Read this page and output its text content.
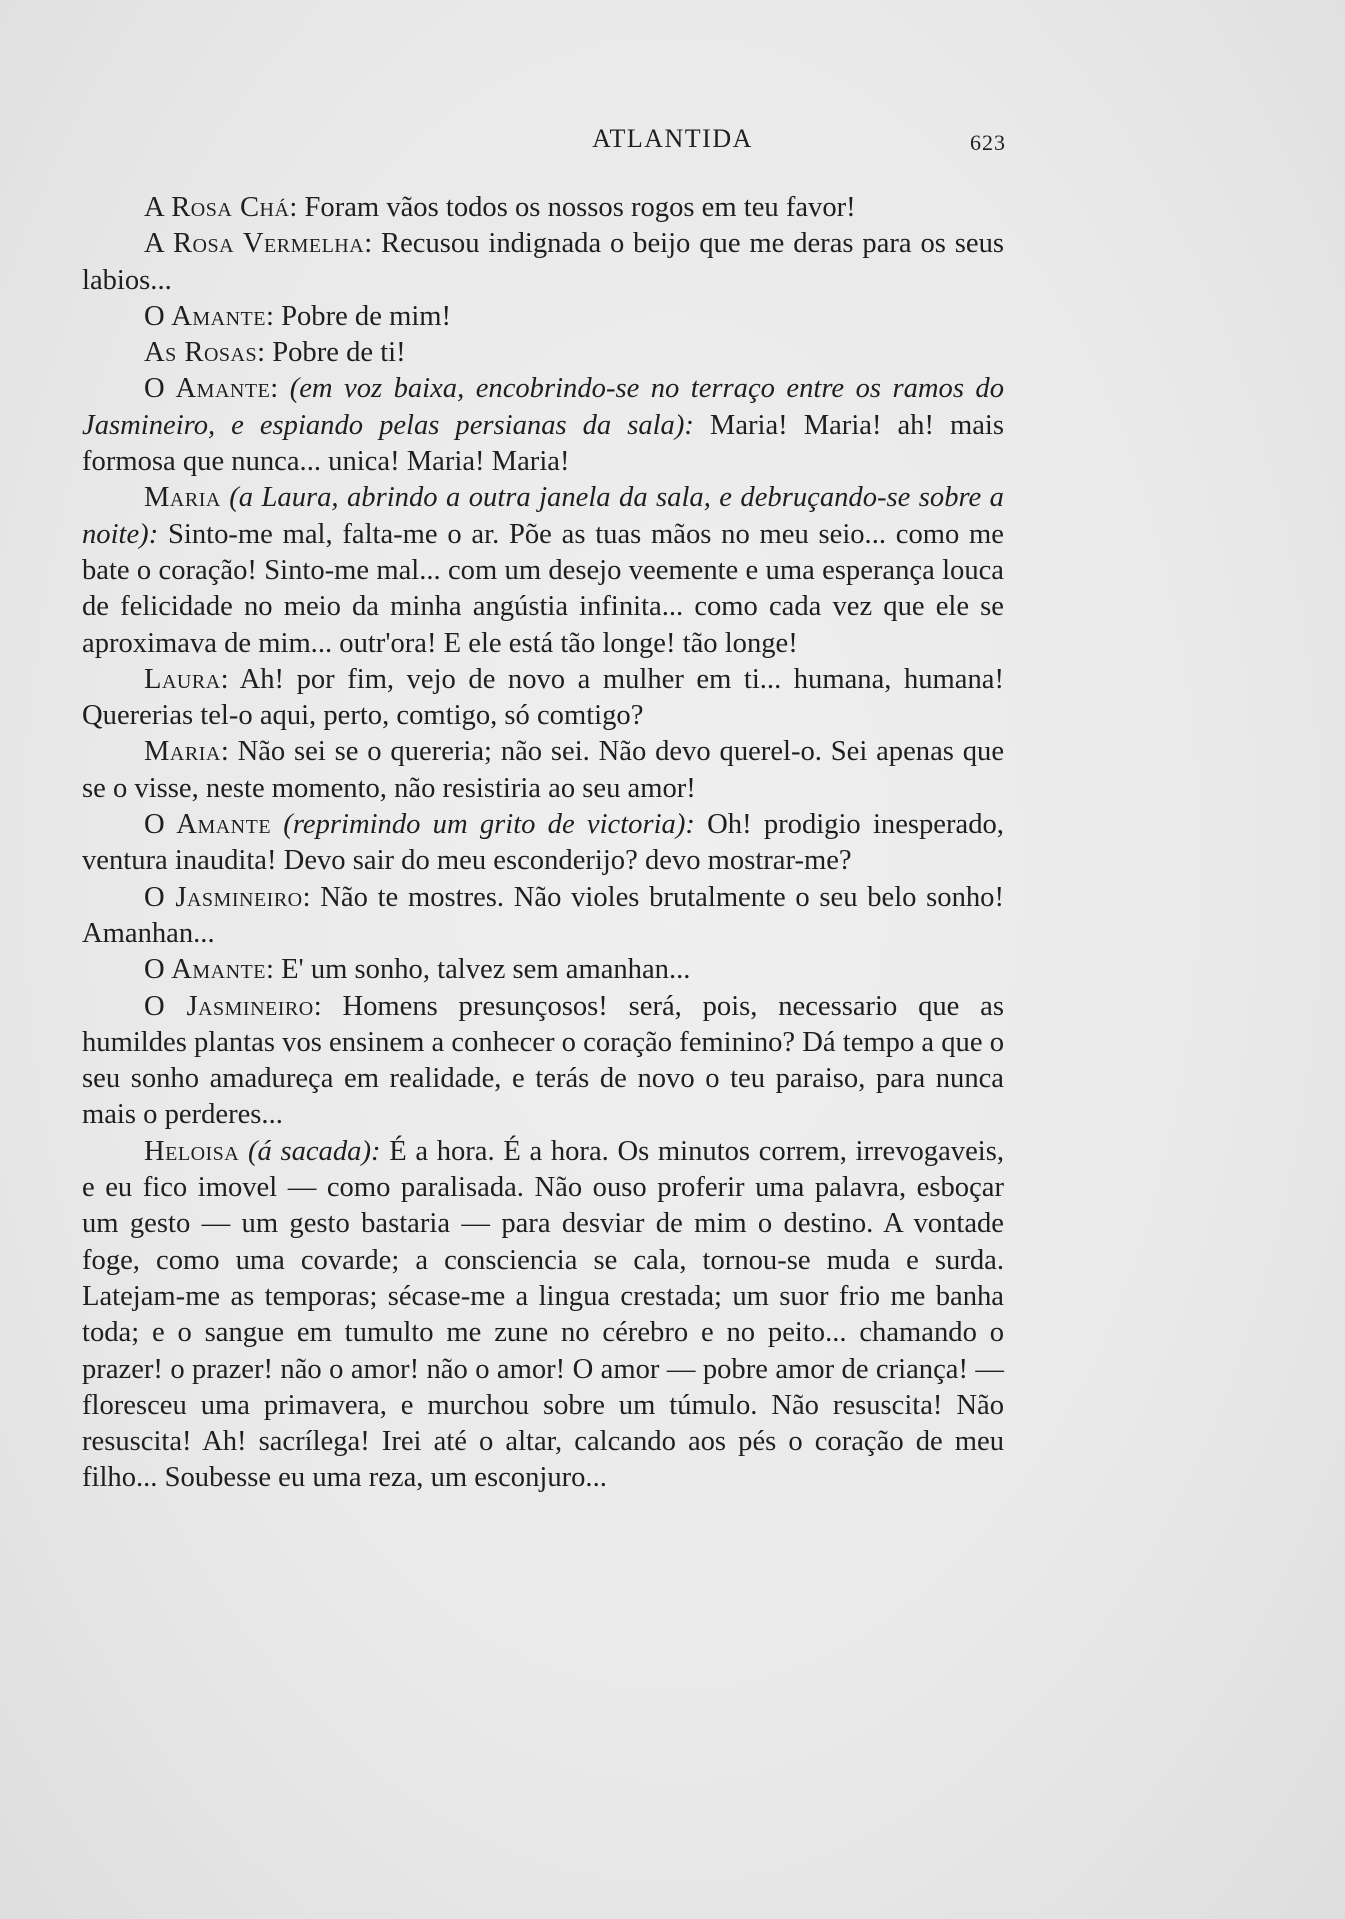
ATLANTIDA	623

A Rosa Chá: Foram vãos todos os nossos rogos em teu favor!

A Rosa Vermelha: Recusou indignada o beijo que me deras para os seus labios...

O Amante: Pobre de mim!

As Rosas: Pobre de ti!

O Amante: (em voz baixa, encobrindo-se no terraço entre os ramos do Jasmineiro, e espiando pelas persianas da sala): Maria! Maria! ah! mais formosa que nunca... unica! Maria! Maria!

Maria (a Laura, abrindo a outra janela da sala, e debruçando-se sobre a noite): Sinto-me mal, falta-me o ar. Põe as tuas mãos no meu seio... como me bate o coração! Sinto-me mal... com um desejo veemente e uma esperança louca de felicidade no meio da minha angústia infinita... como cada vez que ele se aproximava de mim... outr'ora! E ele está tão longe! tão longe!

Laura: Ah! por fim, vejo de novo a mulher em ti... humana, humana! Quererias tel-o aqui, perto, comtigo, só comtigo?

Maria: Não sei se o quereria; não sei. Não devo querel-o. Sei apenas que se o visse, neste momento, não resistiria ao seu amor!

O Amante (reprimindo um grito de victoria): Oh! prodigio inesperado, ventura inaudita! Devo sair do meu esconderijo? devo mostrar-me?

O Jasmineiro: Não te mostres. Não violes brutalmente o seu belo sonho! Amanhan...

O Amante: E' um sonho, talvez sem amanhan...

O Jasmineiro: Homens presunçosos! será, pois, necessario que as humildes plantas vos ensinem a conhecer o coração feminino? Dá tempo a que o seu sonho amadureça em realidade, e terás de novo o teu paraiso, para nunca mais o perderes...

Heloisa (á sacada): É a hora. É a hora. Os minutos correm, irrevogaveis, e eu fico imovel — como paralisada. Não ouso proferir uma palavra, esboçar um gesto — um gesto bastaria — para desviar de mim o destino. A vontade foge, como uma covarde; a consciencia se cala, tornou-se muda e surda. Latejam-me as temporas; sécase-me a lingua crestada; um suor frio me banha toda; e o sangue em tumulto me zune no cérebro e no peito... chamando o prazer! o prazer! não o amor! não o amor! O amor — pobre amor de criança! — floresceu uma primavera, e murchou sobre um túmulo. Não resuscita! Não resuscita! Ah! sacrílega! Irei até o altar, calcando aos pés o coração de meu filho... Soubesse eu uma reza, um esconjuro...
